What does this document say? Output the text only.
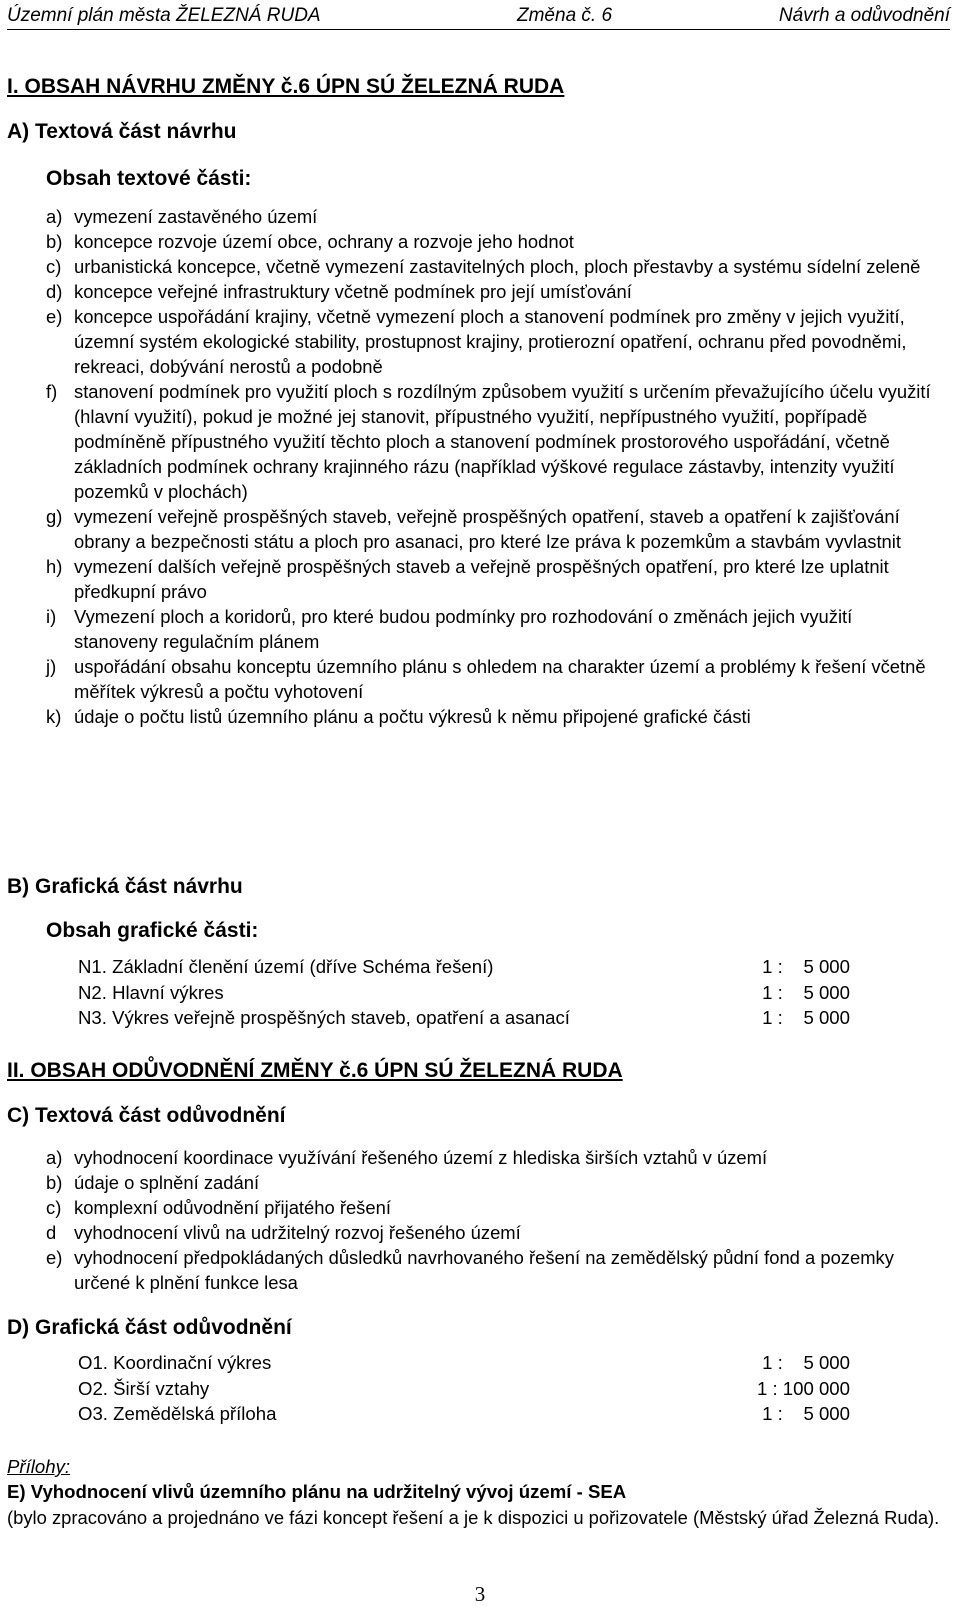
Územní plán města ŽELEZNÁ RUDA	Změna č. 6	Návrh a odůvodnění
I. OBSAH NÁVRHU ZMĚNY č.6 ÚPN SÚ ŽELEZNÁ RUDA
A) Textová část návrhu
Obsah textové části:
a) vymezení zastavěného území
b) koncepce rozvoje území obce, ochrany a rozvoje jeho hodnot
c) urbanistická koncepce, včetně vymezení zastavitelných ploch, ploch přestavby a systému sídelní zeleně
d) koncepce veřejné infrastruktury včetně podmínek pro její umísťování
e) koncepce uspořádání krajiny, včetně vymezení ploch a stanovení podmínek pro změny v jejich využití, územní systém ekologické stability, prostupnost krajiny, protierozní opatření, ochranu před povodněmi, rekreaci, dobývání nerostů a podobně
f) stanovení podmínek pro využití ploch s rozdílným způsobem využití s určením převažujícího účelu využití (hlavní využití), pokud je možné jej stanovit, přípustného využití, nepřípustného využití, popřípadě podmíněně přípustného využití těchto ploch a stanovení podmínek prostorového uspořádání, včetně základních podmínek ochrany krajinného rázu (například výškové regulace zástavby, intenzity využití pozemků v plochách)
g) vymezení veřejně prospěšných staveb, veřejně prospěšných opatření, staveb a opatření k zajišťování obrany a bezpečnosti státu a ploch pro asanaci, pro které lze práva k pozemkům a stavbám vyvlastnit
h) vymezení dalších veřejně prospěšných staveb a veřejně prospěšných opatření, pro které lze uplatnit předkupní právo
i) Vymezení ploch a koridorů, pro které budou podmínky pro rozhodování o změnách jejich využití stanoveny regulačním plánem
j) uspořádání obsahu konceptu územního plánu s ohledem na charakter území a problémy k řešení včetně měřítek výkresů a počtu vyhotovení
k) údaje o počtu listů územního plánu a počtu výkresů k němu připojené grafické části
B) Grafická část návrhu
Obsah grafické části:
N1. Základní členění území (dříve Schéma řešení)	1 :    5 000
N2. Hlavní výkres	1 :    5 000
N3. Výkres veřejně prospěšných staveb, opatření a asanací	1 :    5 000
II. OBSAH ODŮVODNĚNÍ ZMĚNY č.6 ÚPN SÚ ŽELEZNÁ RUDA
C) Textová část odůvodnění
a) vyhodnocení koordinace využívání řešeného území z hlediska širších vztahů v území
b) údaje o splnění zadání
c) komplexní odůvodnění přijatého řešení
d vyhodnocení vlivů na udržitelný rozvoj řešeného území
e) vyhodnocení předpokládaných důsledků navrhovaného řešení na zemědělský půdní fond a pozemky určené k plnění funkce lesa
D) Grafická část odůvodnění
O1. Koordinační výkres	1 :    5 000
O2. Širší vztahy	1 : 100 000
O3. Zemědělská příloha	1 :    5 000
Přílohy:
E) Vyhodnocení vlivů územního plánu na udržitelný vývoj území - SEA
(bylo zpracováno a projednáno ve fázi koncept řešení a je k dispozici u pořizovatele (Městský úřad Železná Ruda).
3
